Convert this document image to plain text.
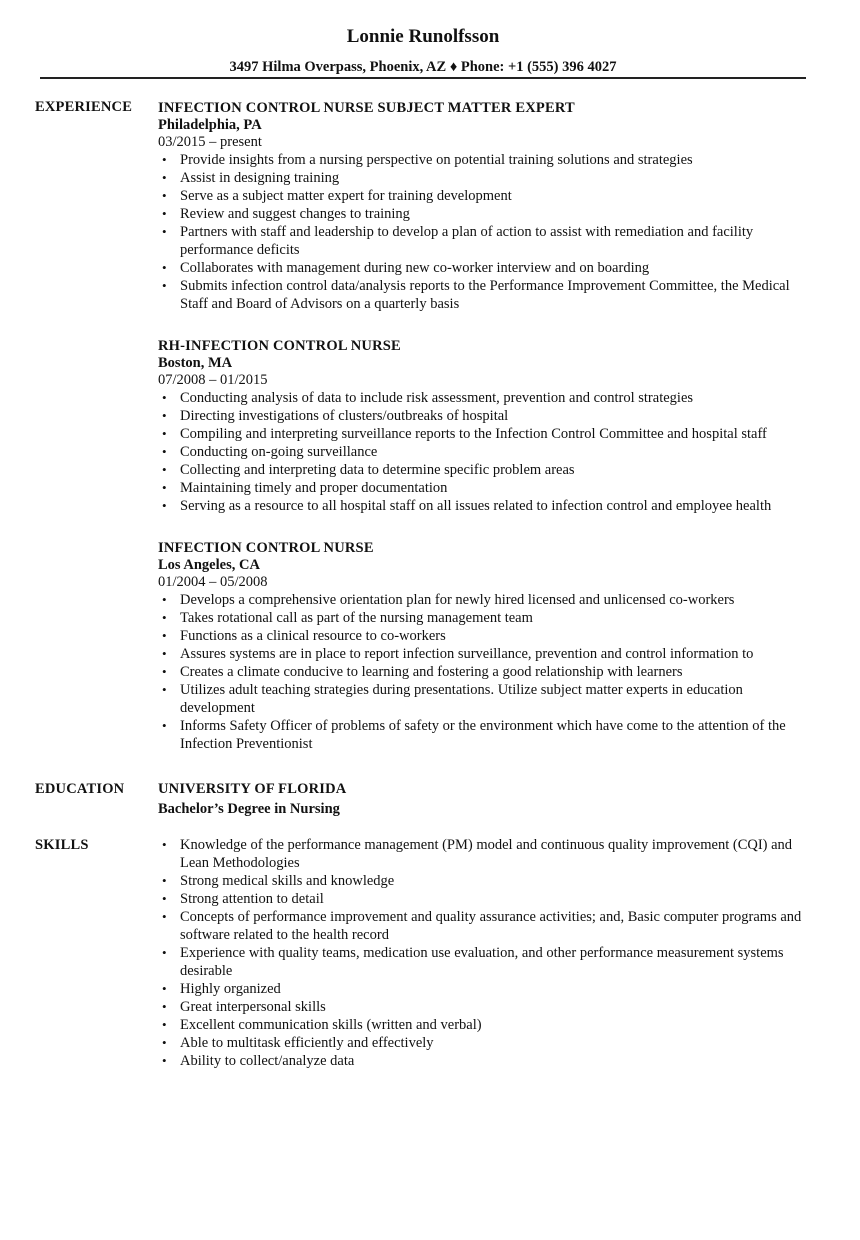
Lonnie Runolfsson
3497 Hilma Overpass, Phoenix, AZ ♦ Phone: +1 (555) 396 4027
EXPERIENCE INFECTION CONTROL NURSE SUBJECT MATTER EXPERT
Philadelphia, PA
03/2015 – present
• Provide insights from a nursing perspective on potential training solutions and strategies
• Assist in designing training
• Serve as a subject matter expert for training development
• Review and suggest changes to training
• Partners with staff and leadership to develop a plan of action to assist with remediation and facility performance deficits
• Collaborates with management during new co-worker interview and on boarding
• Submits infection control data/analysis reports to the Performance Improvement Committee, the Medical Staff and Board of Advisors on a quarterly basis
RH-INFECTION CONTROL NURSE
Boston, MA
07/2008 – 01/2015
• Conducting analysis of data to include risk assessment, prevention and control strategies
• Directing investigations of clusters/outbreaks of hospital
• Compiling and interpreting surveillance reports to the Infection Control Committee and hospital staff
• Conducting on-going surveillance
• Collecting and interpreting data to determine specific problem areas
• Maintaining timely and proper documentation
• Serving as a resource to all hospital staff on all issues related to infection control and employee health
INFECTION CONTROL NURSE
Los Angeles, CA
01/2004 – 05/2008
• Develops a comprehensive orientation plan for newly hired licensed and unlicensed co-workers
• Takes rotational call as part of the nursing management team
• Functions as a clinical resource to co-workers
• Assures systems are in place to report infection surveillance, prevention and control information to
• Creates a climate conducive to learning and fostering a good relationship with learners
• Utilizes adult teaching strategies during presentations. Utilize subject matter experts in education development
• Informs Safety Officer of problems of safety or the environment which have come to the attention of the Infection Preventionist
EDUCATION UNIVERSITY OF FLORIDA
Bachelor’s Degree in Nursing
SKILLS
•	Knowledge of the performance management (PM) model and continuous quality improvement (CQI) and Lean Methodologies
• Strong medical skills and knowledge
• Strong attention to detail
• Concepts of performance improvement and quality assurance activities; and, Basic computer programs and software related to the health record
• Experience with quality teams, medication use evaluation, and other performance measurement systems desirable
• Highly organized
• Great interpersonal skills
• Excellent communication skills (written and verbal)
• Able to multitask efficiently and effectively
• Ability to collect/analyze data
